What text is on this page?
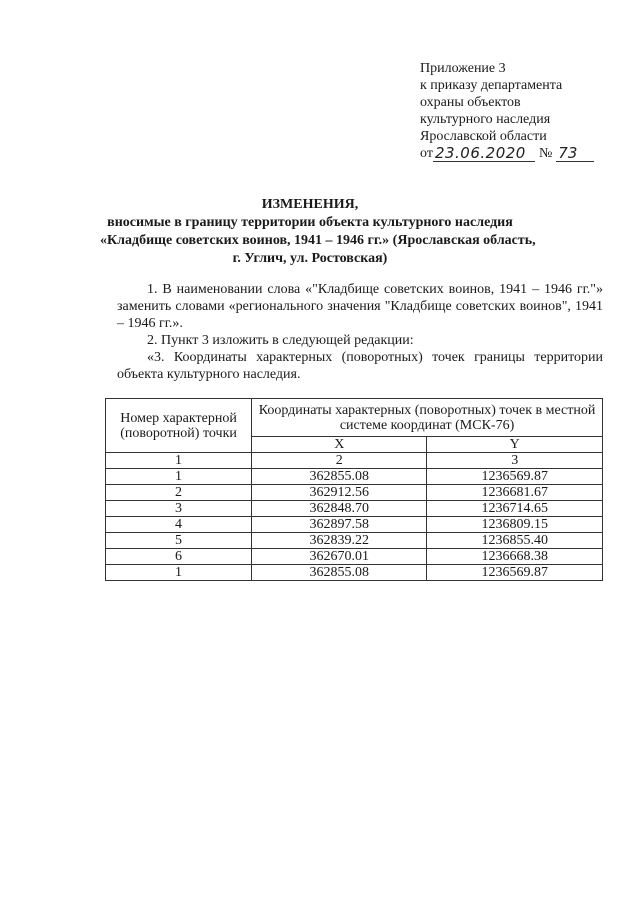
Приложение 3
к приказу департамента
охраны объектов
культурного наследия
Ярославской области
от 23.06.2020 № 73
ИЗМЕНЕНИЯ,
вносимые в границу территории объекта культурного наследия
«Кладбище советских воинов, 1941 – 1946 гг.» (Ярославская область,
г. Углич, ул. Ростовская)

1. В наименовании слова «"Кладбище советских воинов, 1941 – 1946 гг."» заменить словами «регионального значения "Кладбище советских воинов", 1941 – 1946 гг.».

2. Пункт 3 изложить в следующей редакции:

«3. Координаты характерных (поворотных) точек границы территории объекта культурного наследия.

Номер характерной (поворотной) точки	Координаты характерных (поворотных) точек в местной системе координат (МСК-76)	
	X	Y
1	2	3
1	362855.08	1236569.87
2	362912.56	1236681.67
3	362848.70	1236714.65
4	362897.58	1236809.15
5	362839.22	1236855.40
6	362670.01	1236668.38
1	362855.08	1236569.87
